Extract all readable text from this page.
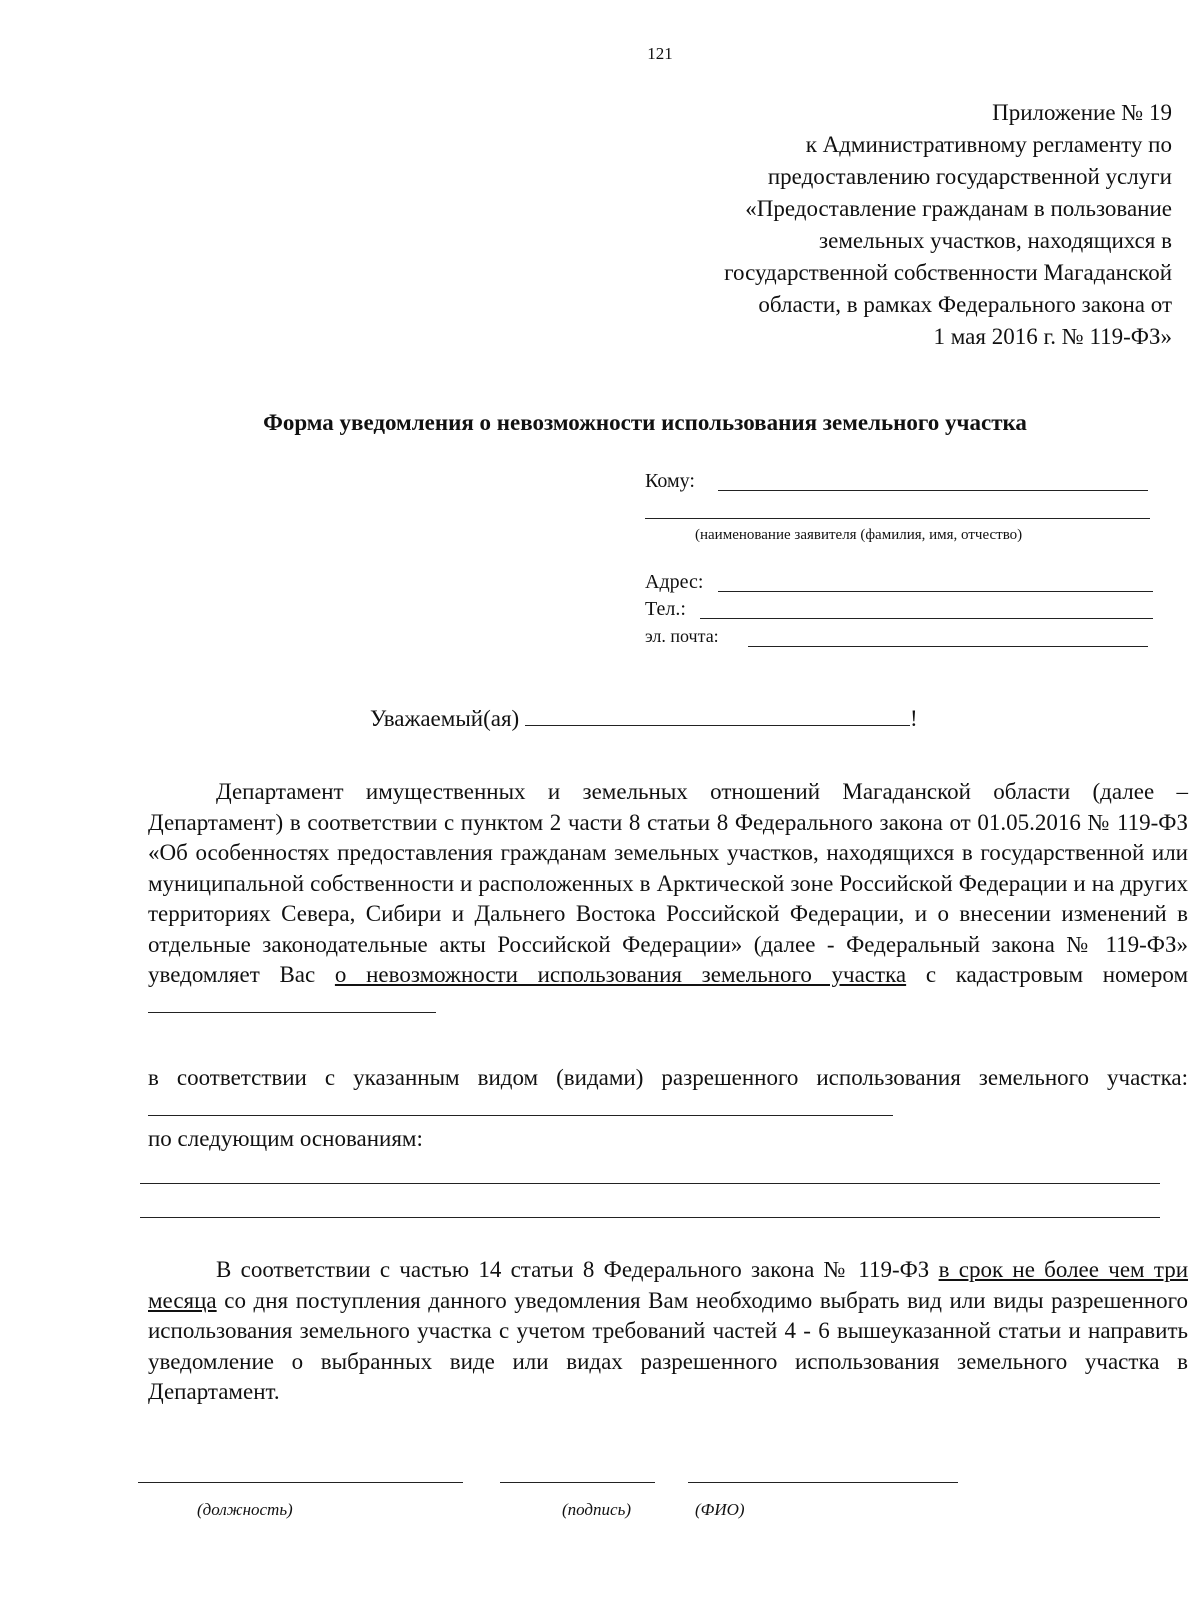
121
Приложение № 19
к Административному регламенту по
предоставлению государственной услуги
«Предоставление гражданам в пользование
земельных участков, находящихся в
государственной собственности Магаданской
области, в рамках Федерального закона от
1 мая 2016 г. № 119-ФЗ»
Форма уведомления о невозможности использования земельного участка
Кому:
(наименование заявителя (фамилия, имя, отчество)
Адрес:
Тел.:
эл. почта:
Уважаемый(ая)	!
Департамент имущественных и земельных отношений Магаданской области (далее – Департамент) в соответствии с пунктом 2 части 8 статьи 8 Федерального закона от 01.05.2016 № 119-ФЗ «Об особенностях предоставления гражданам земельных участков, находящихся в государственной или муниципальной собственности и расположенных в Арктической зоне Российской Федерации и на других территориях Севера, Сибири и Дальнего Востока Российской Федерации, и о внесении изменений в отдельные законодательные акты Российской Федерации» (далее - Федеральный закона № 119-ФЗ» уведомляет Вас о невозможности использования земельного участка с кадастровым номером
в соответствии с указанным видом (видами) разрешенного использования земельного участка:
по следующим основаниям:
В соответствии с частью 14 статьи 8 Федерального закона № 119-ФЗ в срок не более чем три месяца со дня поступления данного уведомления Вам необходимо выбрать вид или виды разрешенного использования земельного участка с учетом требований частей 4 - 6 вышеуказанной статьи и направить уведомление о выбранных виде или видах разрешенного использования земельного участка в Департамент.
(должность)	(подпись)	(ФИО)
